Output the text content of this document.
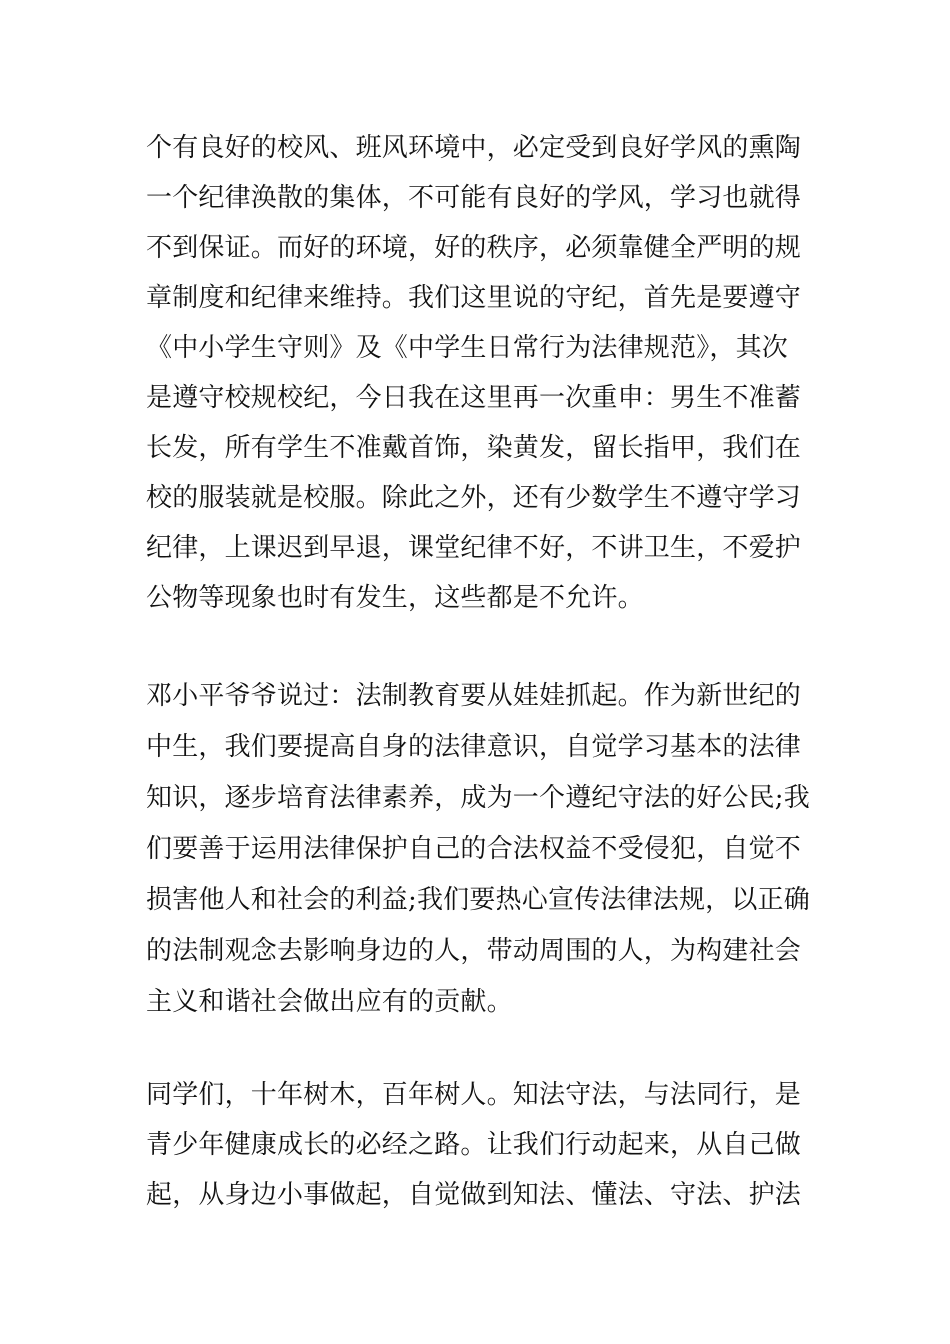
个有良好的校风、班风环境中，必定受到良好学风的熏陶
一个纪律涣散的集体，不可能有良好的学风，学习也就得
不到保证。而好的环境，好的秩序，必须靠健全严明的规
章制度和纪律来维持。我们这里说的守纪，首先是要遵守
《中小学生守则》及《中学生日常行为法律规范》，其次
是遵守校规校纪，今日我在这里再一次重申：男生不准蓄
长发，所有学生不准戴首饰，染黄发，留长指甲，我们在
校的服装就是校服。除此之外，还有少数学生不遵守学习
纪律，上课迟到早退，课堂纪律不好，不讲卫生，不爱护
公物等现象也时有发生，这些都是不允许。
邓小平爷爷说过：法制教育要从娃娃抓起。作为新世纪的
中生，我们要提高自身的法律意识，自觉学习基本的法律
知识，逐步培育法律素养，成为一个遵纪守法的好公民;我
们要善于运用法律保护自己的合法权益不受侵犯，自觉不
损害他人和社会的利益;我们要热心宣传法律法规，以正确
的法制观念去影响身边的人，带动周围的人，为构建社会
主义和谐社会做出应有的贡献。
同学们，十年树木，百年树人。知法守法，与法同行，是
青少年健康成长的必经之路。让我们行动起来，从自己做
起，从身边小事做起，自觉做到知法、懂法、守法、护法
